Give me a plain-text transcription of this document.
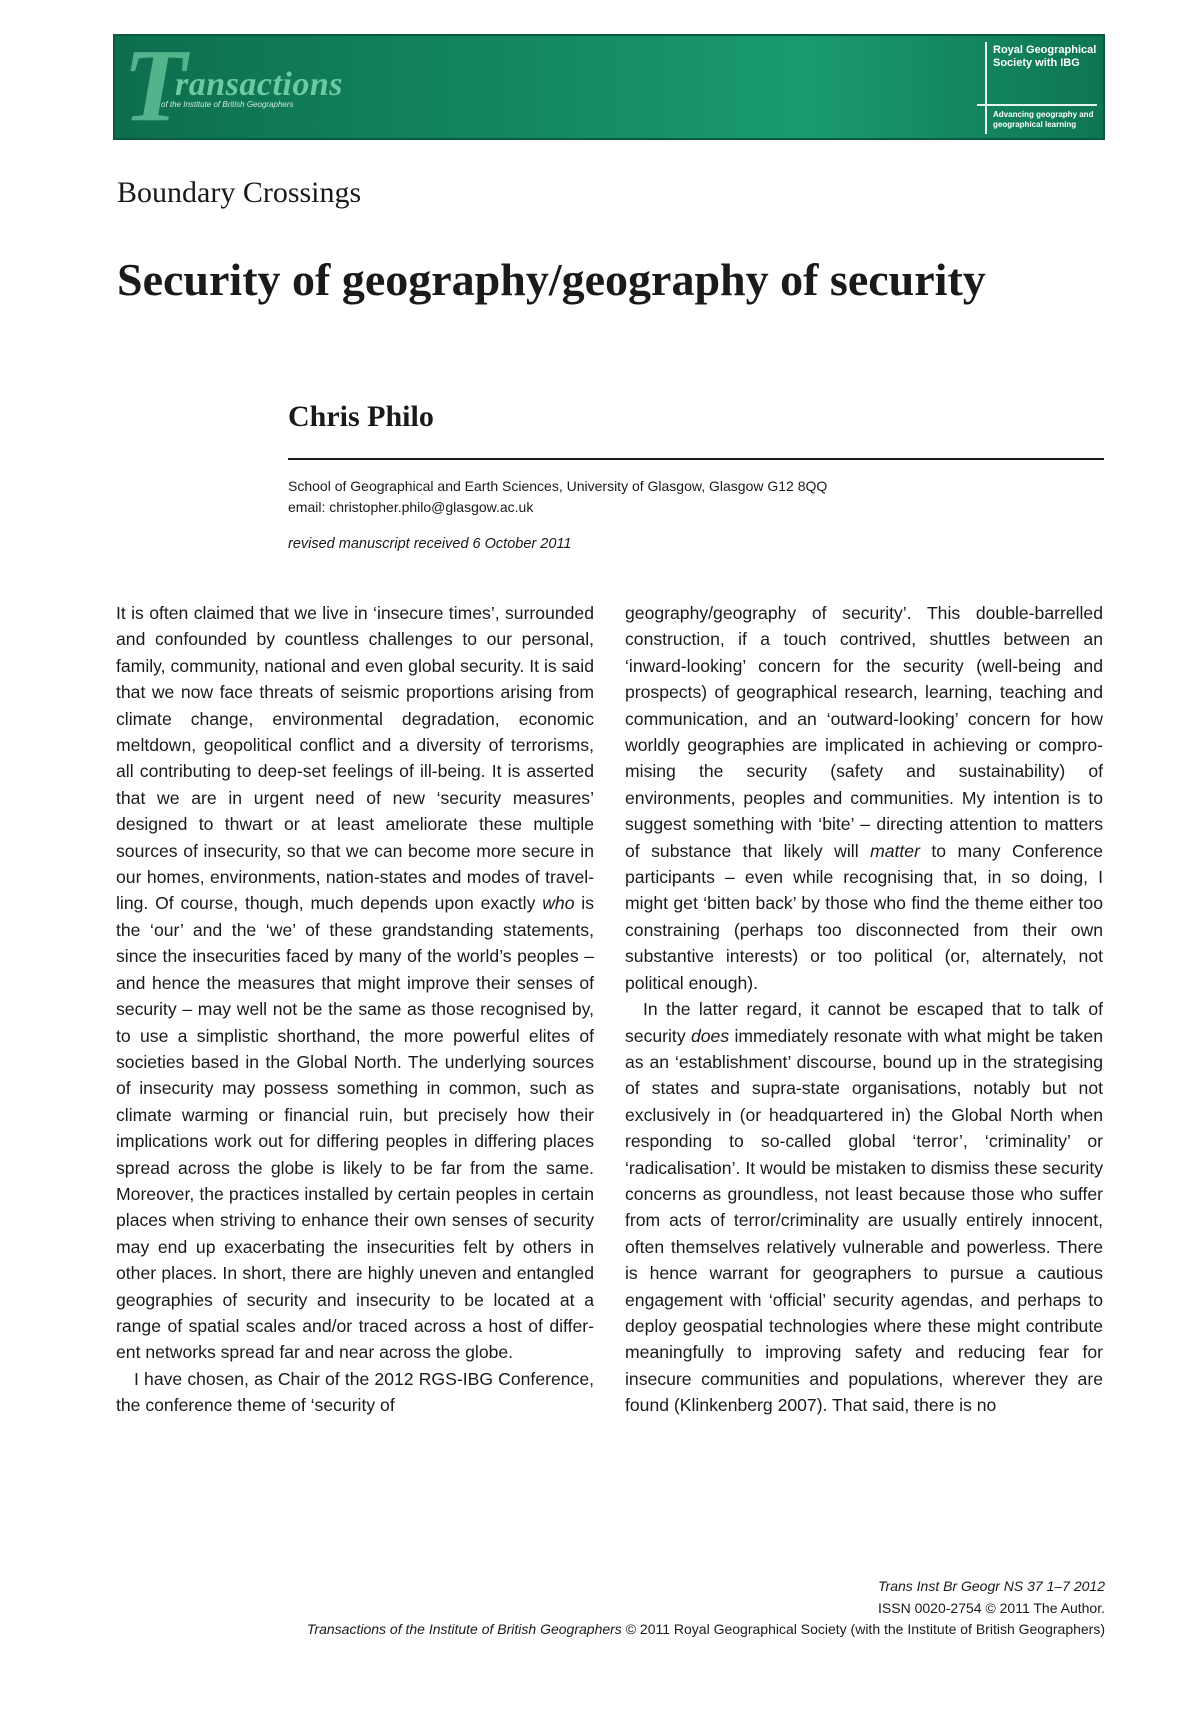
T
ransactions
of the Institute of British Geographers
Royal Geographical Society with IBG
Advancing geography and geographical learning
Boundary Crossings
Security of geography/geography of security
Chris Philo
School of Geographical and Earth Sciences, University of Glasgow, Glasgow G12 8QQ
email: christopher.philo@glasgow.ac.uk
revised manuscript received 6 October 2011

It is often claimed that we live in ‘insecure times’, surrounded and confounded by countless challenges to our personal, family, community, national and even global security. It is said that we now face threats of seismic proportions arising from climate change, environmental degradation, economic meltdown, geopolitical conflict and a diversity of terrorisms, all contributing to deep-set feelings of ill-being. It is asserted that we are in urgent need of new ‘security measures’ designed to thwart or at least ameliorate these multiple sources of insecurity, so that we can become more secure in our homes, environments, nation-states and modes of travelling. Of course, though, much depends upon exactly who is the ‘our’ and the ‘we’ of these grandstanding statements, since the insecurities faced by many of the world’s peoples – and hence the measures that might improve their senses of security – may well not be the same as those recognised by, to use a simplistic shorthand, the more powerful elites of societies based in the Global North. The underlying sources of insecurity may possess something in common, such as climate warming or financial ruin, but precisely how their implications work out for differing peoples in differing places spread across the globe is likely to be far from the same. Moreover, the practices installed by certain peoples in certain places when striving to enhance their own senses of security may end up exacerbating the insecurities felt by others in other places. In short, there are highly uneven and entangled geographies of security and insecurity to be located at a range of spatial scales and/or traced across a host of different networks spread far and near across the globe.

I have chosen, as Chair of the 2012 RGS-IBG Conference, the conference theme of ‘security of

geography/geography of security’. This double-barrelled construction, if a touch contrived, shuttles between an ‘inward-looking’ concern for the security (well-being and prospects) of geographical research, learning, teaching and communication, and an ‘outward-looking’ concern for how worldly geographies are implicated in achieving or compromising the security (safety and sustainability) of environments, peoples and communities. My intention is to suggest something with ‘bite’ – directing attention to matters of substance that likely will matter to many Conference participants – even while recognising that, in so doing, I might get ‘bitten back’ by those who find the theme either too constraining (perhaps too disconnected from their own substantive interests) or too political (or, alternately, not political enough).

In the latter regard, it cannot be escaped that to talk of security does immediately resonate with what might be taken as an ‘establishment’ discourse, bound up in the strategising of states and supra-state organisations, notably but not exclusively in (or headquartered in) the Global North when responding to so-called global ‘terror’, ‘criminality’ or ‘radicalisation’. It would be mistaken to dismiss these security concerns as groundless, not least because those who suffer from acts of terror/criminality are usually entirely innocent, often themselves relatively vulnerable and powerless. There is hence warrant for geographers to pursue a cautious engagement with ‘official’ security agendas, and perhaps to deploy geospatial technologies where these might contribute meaningfully to improving safety and reducing fear for insecure communities and populations, wherever they are found (Klinkenberg 2007). That said, there is no

Trans Inst Br Geogr NS 37 1–7 2012
ISSN 0020-2754 © 2011 The Author.
Transactions of the Institute of British Geographers © 2011 Royal Geographical Society (with the Institute of British Geographers)
